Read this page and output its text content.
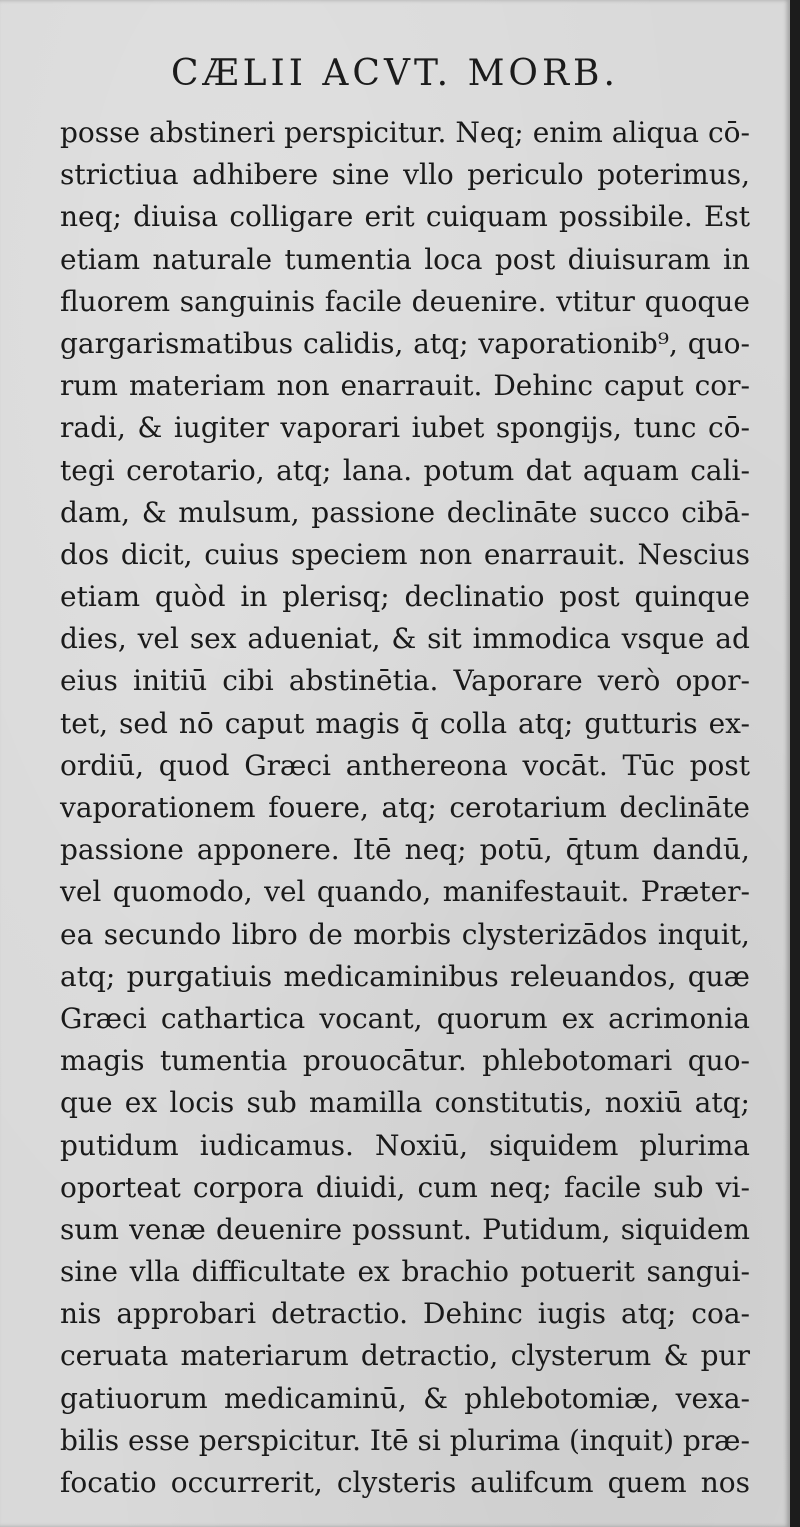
CÆLII ACVT. MORB.
posse abstineri perspicitur. Neq; enim aliqua cō-
strictiua adhibere sine vllo periculo poterimus,
neq; diuisa colligare erit cuiquam possibile. Est
etiam naturale tumentia loca post diuisuram in
fluorem sanguinis facile deuenire. vtitur quoque
gargarismatibus calidis, atq; vaporationib⁹, quo-
rum materiam non enarrauit. Dehinc caput cor-
radi, & iugiter vaporari iubet spongijs, tunc cō-
tegi cerotario, atq; lana. potum dat aquam cali-
dam, & mulsum, passione declināte succo cibā-
dos dicit, cuius speciem non enarrauit. Nescius
etiam quòd in plerisq; declinatio post quinque
dies, vel sex aduenіat, & sit immodica vsque ad
eius initiū cibi abstinētia. Vaporare verò opor-
tet, sed nō caput magis q̄ colla atq; gutturis ex-
ordiū, quod Græci anthereona vocāt. Tūc post
vaporationem fouere, atq; cerotarium declināte
passione apponere. Itē neq; potū, q̄tum dandū,
vel quomodo, vel quando, manifestauit. Præter-
ea secundo libro de morbis clysterizādos inquit,
atq; purgatiuis medicaminibus releuandos, quæ
Græci cathartica vocant, quorum ex acrimonia
magis tumentia prouocātur. phlebotomari quo-
que ex locis sub mamilla constitutis, noxiū atq;
putidum iudicamus. Noxiū, siquidem plurima
oporteat corpora diuidi, cum neq; facile sub vi-
sum venæ deuenire possunt. Putidum, siquidem
sine vlla difficultate ex brachio potuerit sangui-
nis approbari detractio. Dehinc iugis atq; coa-
ceruata materiarum detractio, clysterum & pur
gatiuorum medicaminū, & phlebotomiæ, vexa-
bilis esse perspicitur. Itē si plurima (inquit) præ-
focatio occurrerit, clysteris aulifcum quem nos
